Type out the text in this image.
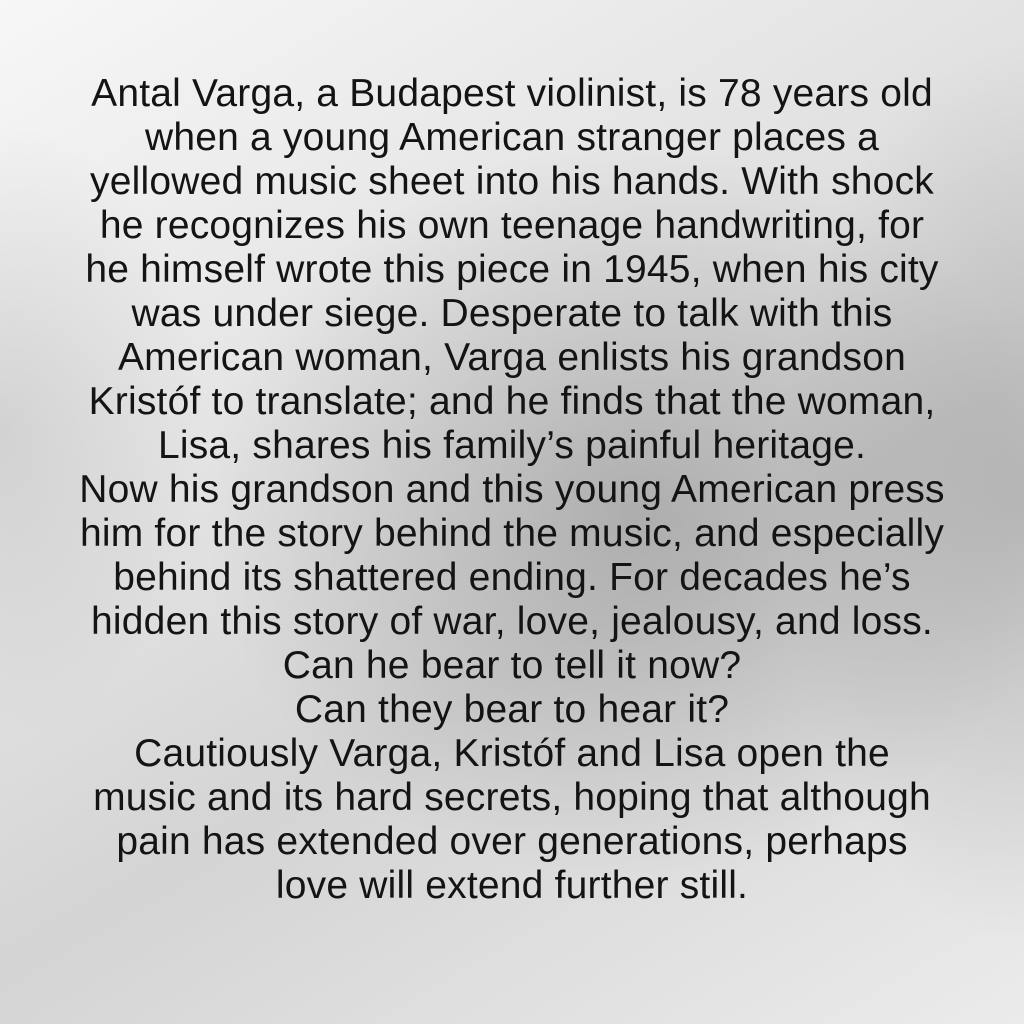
Antal Varga, a Budapest violinist, is 78 years old
when a young American stranger places a
yellowed music sheet into his hands. With shock
he recognizes his own teenage handwriting, for
he himself wrote this piece in 1945, when his city
was under siege. Desperate to talk with this
American woman, Varga enlists his grandson
Kristóf to translate; and he finds that the woman,
Lisa, shares his family’s painful heritage.
Now his grandson and this young American press
him for the story behind the music, and especially
behind its shattered ending. For decades he’s
hidden this story of war, love, jealousy, and loss.
Can he bear to tell it now?
Can they bear to hear it?
Cautiously Varga, Kristóf and Lisa open the
music and its hard secrets, hoping that although
pain has extended over generations, perhaps
love will extend further still.
